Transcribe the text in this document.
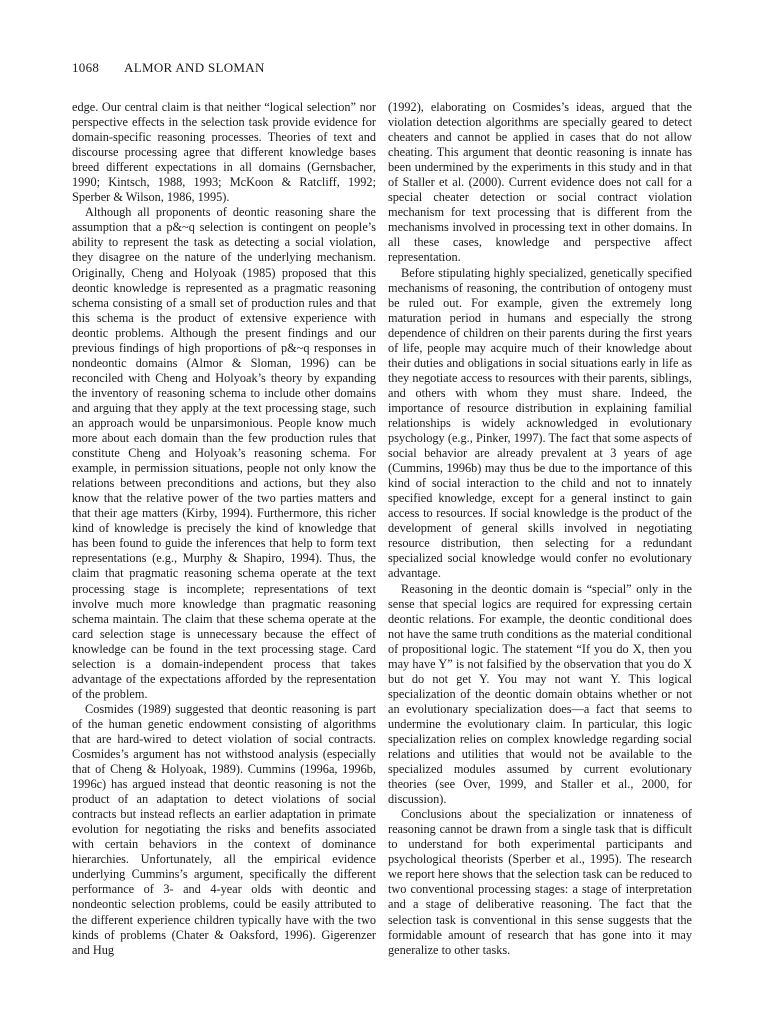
1068 ALMOR AND SLOMAN

edge. Our central claim is that neither “logical selection” nor perspective effects in the selection task provide evidence for domain-specific reasoning processes. Theories of text and discourse processing agree that different knowledge bases breed different expectations in all domains (Gernsbacher, 1990; Kintsch, 1988, 1993; McKoon & Ratcliff, 1992; Sperber & Wilson, 1986, 1995).

Although all proponents of deontic reasoning share the assumption that a p&~q selection is contingent on people’s ability to represent the task as detecting a social violation, they disagree on the nature of the underlying mechanism. Originally, Cheng and Holyoak (1985) proposed that this deontic knowledge is represented as a pragmatic reasoning schema consisting of a small set of production rules and that this schema is the product of extensive experience with deontic problems. Although the present findings and our previous findings of high proportions of p&~q responses in nondeontic domains (Almor & Sloman, 1996) can be reconciled with Cheng and Holyoak’s theory by expanding the inventory of reasoning schema to include other domains and arguing that they apply at the text processing stage, such an approach would be unparsimonious. People know much more about each domain than the few production rules that constitute Cheng and Holyoak’s reasoning schema. For example, in permission situations, people not only know the relations between preconditions and actions, but they also know that the relative power of the two parties matters and that their age matters (Kirby, 1994). Furthermore, this richer kind of knowledge is precisely the kind of knowledge that has been found to guide the inferences that help to form text representations (e.g., Murphy & Shapiro, 1994). Thus, the claim that pragmatic reasoning schema operate at the text processing stage is incomplete; representations of text involve much more knowledge than pragmatic reasoning schema maintain. The claim that these schema operate at the card selection stage is unnecessary because the effect of knowledge can be found in the text processing stage. Card selection is a domain-independent process that takes advantage of the expectations afforded by the representation of the problem.

Cosmides (1989) suggested that deontic reasoning is part of the human genetic endowment consisting of algorithms that are hard-wired to detect violation of social contracts. Cosmides’s argument has not withstood analysis (especially that of Cheng & Holyoak, 1989). Cummins (1996a, 1996b, 1996c) has argued instead that deontic reasoning is not the product of an adaptation to detect violations of social contracts but instead reflects an earlier adaptation in primate evolution for negotiating the risks and benefits associated with certain behaviors in the context of dominance hierarchies. Unfortunately, all the empirical evidence underlying Cummins’s argument, specifically the different performance of 3- and 4-year olds with deontic and nondeontic selection problems, could be easily attributed to the different experience children typically have with the two kinds of problems (Chater & Oaksford, 1996). Gigerenzer and Hug

(1992), elaborating on Cosmides’s ideas, argued that the violation detection algorithms are specially geared to detect cheaters and cannot be applied in cases that do not allow cheating. This argument that deontic reasoning is innate has been undermined by the experiments in this study and in that of Staller et al. (2000). Current evidence does not call for a special cheater detection or social contract violation mechanism for text processing that is different from the mechanisms involved in processing text in other domains. In all these cases, knowledge and perspective affect representation.

Before stipulating highly specialized, genetically specified mechanisms of reasoning, the contribution of ontogeny must be ruled out. For example, given the extremely long maturation period in humans and especially the strong dependence of children on their parents during the first years of life, people may acquire much of their knowledge about their duties and obligations in social situations early in life as they negotiate access to resources with their parents, siblings, and others with whom they must share. Indeed, the importance of resource distribution in explaining familial relationships is widely acknowledged in evolutionary psychology (e.g., Pinker, 1997). The fact that some aspects of social behavior are already prevalent at 3 years of age (Cummins, 1996b) may thus be due to the importance of this kind of social interaction to the child and not to innately specified knowledge, except for a general instinct to gain access to resources. If social knowledge is the product of the development of general skills involved in negotiating resource distribution, then selecting for a redundant specialized social knowledge would confer no evolutionary advantage.

Reasoning in the deontic domain is “special” only in the sense that special logics are required for expressing certain deontic relations. For example, the deontic conditional does not have the same truth conditions as the material conditional of propositional logic. The statement “If you do X, then you may have Y” is not falsified by the observation that you do X but do not get Y. You may not want Y. This logical specialization of the deontic domain obtains whether or not an evolutionary specialization does—a fact that seems to undermine the evolutionary claim. In particular, this logic specialization relies on complex knowledge regarding social relations and utilities that would not be available to the specialized modules assumed by current evolutionary theories (see Over, 1999, and Staller et al., 2000, for discussion).

Conclusions about the specialization or innateness of reasoning cannot be drawn from a single task that is difficult to understand for both experimental participants and psychological theorists (Sperber et al., 1995). The research we report here shows that the selection task can be reduced to two conventional processing stages: a stage of interpretation and a stage of deliberative reasoning. The fact that the selection task is conventional in this sense suggests that the formidable amount of research that has gone into it may generalize to other tasks.
